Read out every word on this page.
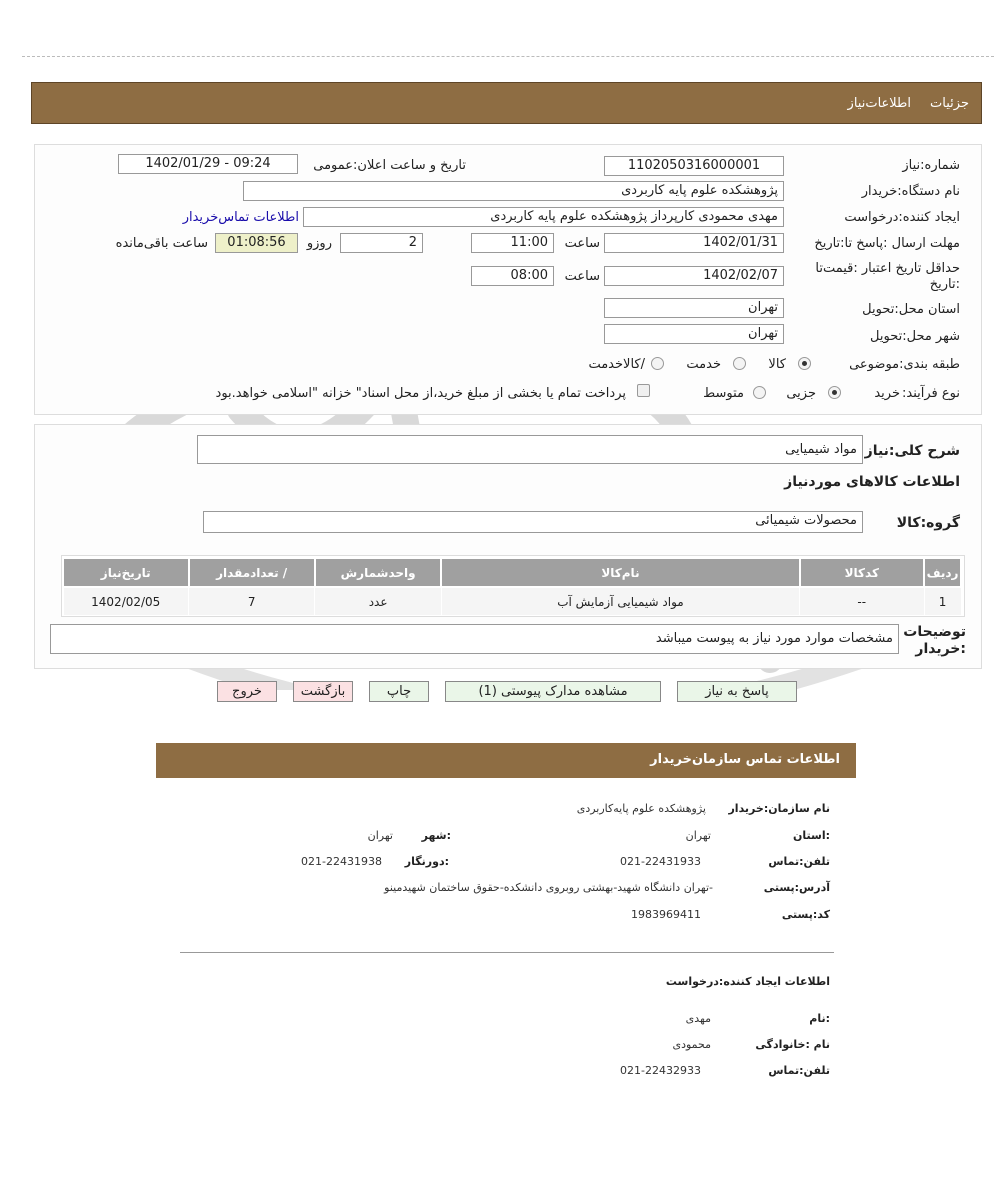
جزئیات
اطلاعات‌نیاز
شماره:نیاز
1102050316000001
تاریخ و ساعت اعلان:عمومی
1402/01/29 - 09:24
نام دستگاه:خریدار
پژوهشکده علوم پایه کاربردی
ایجاد کننده:درخواست
مهدی محمودی کارپرداز پژوهشکده علوم پایه کاربردی
اطلاعات تماس‌خریدار
مهلت ارسال :پاسخ تا:تاریخ
1402/01/31
ساعت
11:00
2
روزو
01:08:56
ساعت باقی‌مانده
حداقل تاریخ اعتبار :قیمت‌تا
:تاریخ
1402/02/07
ساعت
08:00
استان محل:تحویل
تهران
شهر محل:تحویل
تهران
طبقه بندی:موضوعی
کالا
خدمت
/کالاخدمت
نوع فرآیند:
خرید
جزیی
متوسط
پرداخت تمام یا بخشی از مبلغ خرید،از محل اسناد" خزانه "اسلامی خواهد.بود
شرح کلی:نیاز
مواد شیمیایی
اطلاعات کالاهای موردنیاز
گروه:کالا
محصولات شیمیائی
ردیف	کدکالا	نام‌کالا	واحدشمارش	/ تعدادمقدار	تاریخ‌نیاز
1	--	مواد شیمیایی آزمایش آب	عدد	7	1402/02/05
توضیحات
:خریدار
مشخصات موارد مورد نیاز به پیوست میباشد
پاسخ به نیاز
مشاهده مدارک پیوستی (1)
چاپ
بازگشت
خروج
اطلاعات تماس سازمان‌خریدار
نام سازمان:خریدار
پژوهشکده علوم پایه‌کاربردی
:استان
تهران
:شهر
تهران
تلفن:تماس
021-22431933
:دورنگار
021-22431938
آدرس:پستی
-تهران دانشگاه شهید-بهشتی روبروی دانشکده-حقوق ساختمان شهیدمینو
کد:پستی
1983969411
اطلاعات ایجاد کننده:درخواست
:نام
مهدی
نام :خانوادگی
محمودی
تلفن:تماس
021-22432933
